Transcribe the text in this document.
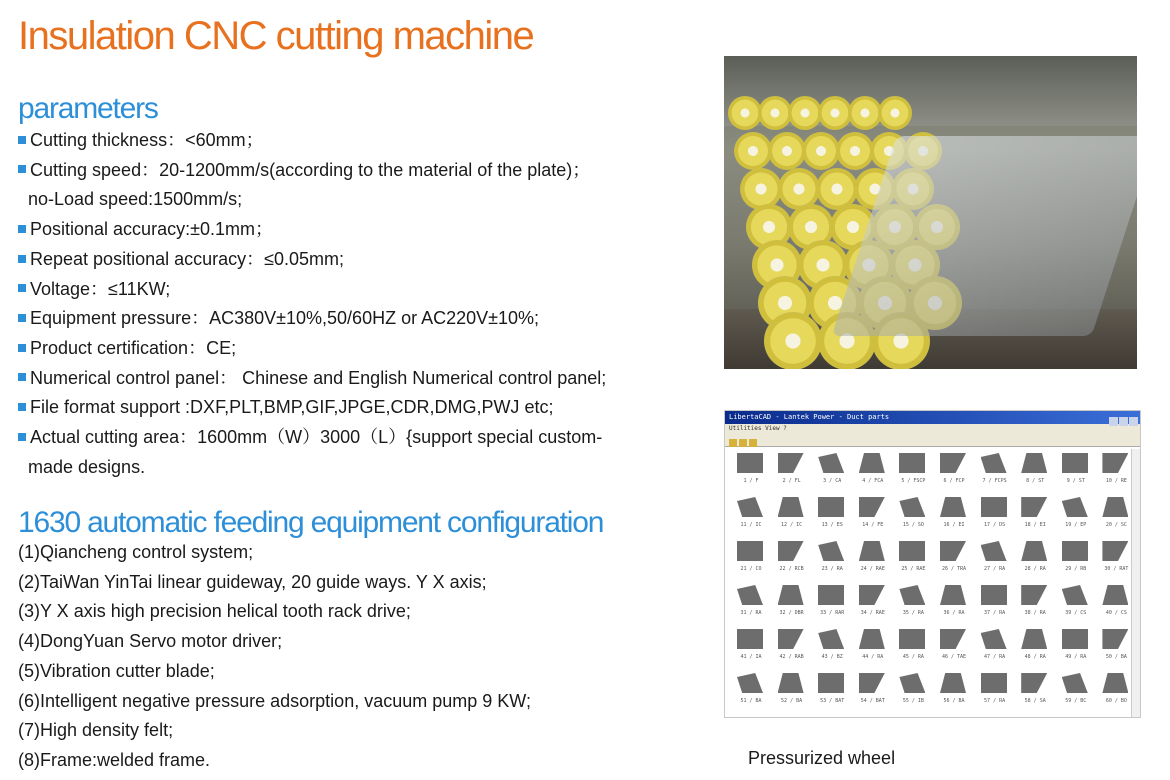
Insulation CNC cutting machine
parameters
Cutting thickness：<60mm；
Cutting speed：20-1200mm/s(according to the material of the plate)；
no-Load speed:1500mm/s;
Positional accuracy:±0.1mm；
Repeat positional accuracy：≤0.05mm;
Voltage：≤11KW;
Equipment pressure：AC380V±10%,50/60HZ or AC220V±10%;
Product certification：CE;
Numerical control panel： Chinese and English Numerical control panel;
File format support :DXF,PLT,BMP,GIF,JPGE,CDR,DMG,PWJ etc;
Actual cutting area：1600mm（W）3000（L）{support special custom-
made designs.
1630 automatic feeding equipment configuration
(1)Qiancheng control system;
(2)TaiWan YinTai linear guideway, 20 guide ways. Y X axis;
(3)Y X axis high precision helical tooth rack drive;
(4)DongYuan Servo motor driver;
(5)Vibration cutter blade;
(6)Intelligent negative pressure adsorption, vacuum pump 9 KW;
(7)High density felt;
(8)Frame:welded frame.
LibertaCAD - Lantek Power - Duct parts
Utilities View ?
1 / F	2 / FL	3 / CA	4 / FCA	5 / FSCP	6 / FCP	7 / FCPS	8 / ST	9 / ST	10 / RE
11 / IC	12 / IC	13 / ES	14 / FE	15 / SO	16 / EI	17 / DS	18 / EI	19 / EP	20 / SC
21 / CO	22 / RCB	23 / RA	24 / RAE	25 / RAE	26 / TRA	27 / RA	28 / RA	29 / RB	30 / RAT
31 / RA	32 / DBR	33 / RAR	34 / RAE	35 / RA	36 / RA	37 / RA	38 / RA	39 / CS	40 / CS
41 / IA	42 / RAB	43 / BZ	44 / RA	45 / RA	46 / TAE	47 / RA	48 / RA	49 / RA	50 / BA
51 / BA	52 / BA	53 / BAT	54 / BAT	55 / IB	56 / BA	57 / RA	58 / SA	59 / BC	60 / BO

Pressurized wheel
